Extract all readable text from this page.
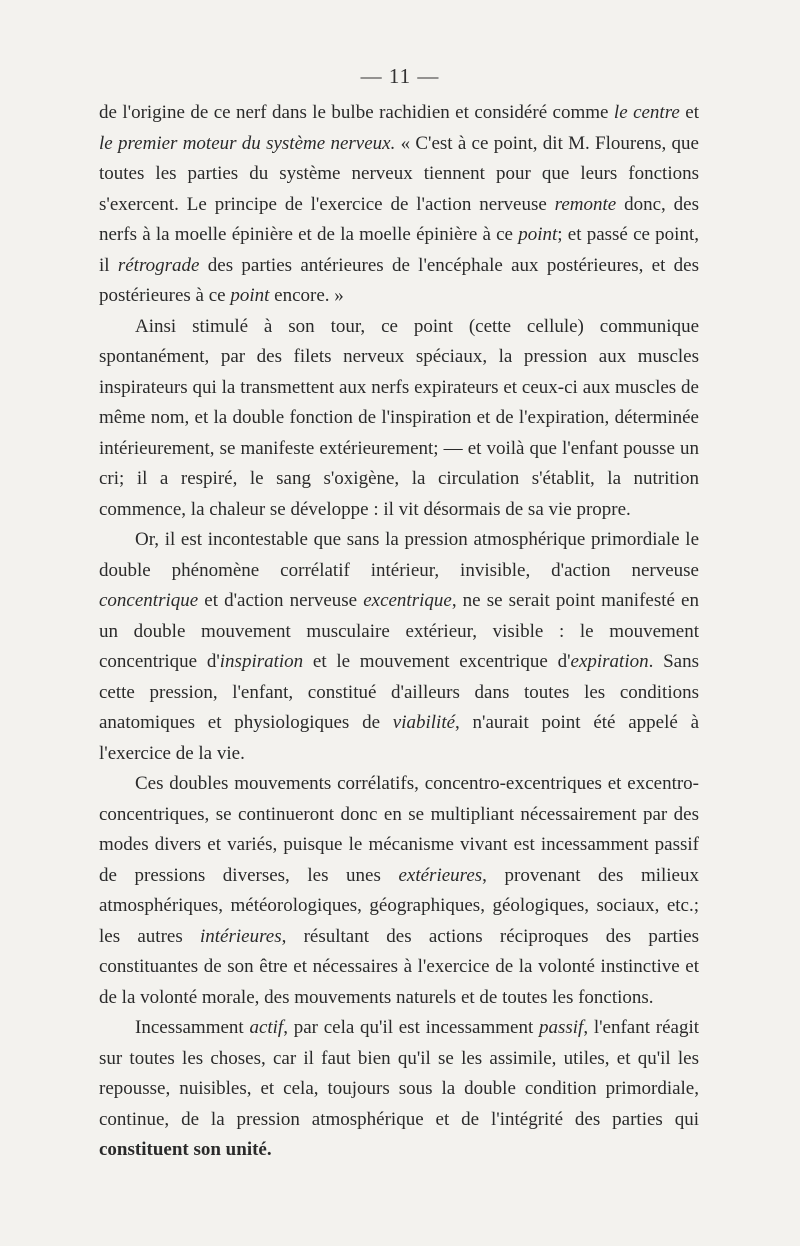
— 11 —

de l'origine de ce nerf dans le bulbe rachidien et considéré comme le centre et le premier moteur du système nerveux. « C'est à ce point, dit M. Flourens, que toutes les parties du système nerveux tiennent pour que leurs fonctions s'exercent. Le principe de l'exercice de l'action nerveuse remonte donc, des nerfs à la moelle épinière et de la moelle épinière à ce point; et passé ce point, il rétrograde des parties antérieures de l'encéphale aux postérieures, et des postérieures à ce point encore. »

Ainsi stimulé à son tour, ce point (cette cellule) communique spontanément, par des filets nerveux spéciaux, la pression aux muscles inspirateurs qui la transmettent aux nerfs expirateurs et ceux-ci aux muscles de même nom, et la double fonction de l'inspiration et de l'expiration, déterminée intérieurement, se manifeste extérieurement; — et voilà que l'enfant pousse un cri; il a respiré, le sang s'oxigène, la circulation s'établit, la nutrition commence, la chaleur se développe : il vit désormais de sa vie propre.

Or, il est incontestable que sans la pression atmosphérique primordiale le double phénomène corrélatif intérieur, invisible, d'action nerveuse concentrique et d'action nerveuse excentrique, ne se serait point manifesté en un double mouvement musculaire extérieur, visible : le mouvement concentrique d'inspiration et le mouvement excentrique d'expiration. Sans cette pression, l'enfant, constitué d'ailleurs dans toutes les conditions anatomiques et physiologiques de viabilité, n'aurait point été appelé à l'exercice de la vie.

Ces doubles mouvements corrélatifs, concentro-excentriques et excentro-concentriques, se continueront donc en se multipliant nécessairement par des modes divers et variés, puisque le mécanisme vivant est incessamment passif de pressions diverses, les unes extérieures, provenant des milieux atmosphériques, météorologiques, géographiques, géologiques, sociaux, etc.; les autres intérieures, résultant des actions réciproques des parties constituantes de son être et nécessaires à l'exercice de la volonté instinctive et de la volonté morale, des mouvements naturels et de toutes les fonctions.

Incessamment actif, par cela qu'il est incessamment passif, l'enfant réagit sur toutes les choses, car il faut bien qu'il se les assimile, utiles, et qu'il les repousse, nuisibles, et cela, toujours sous la double condition primordiale, continue, de la pression atmosphérique et de l'intégrité des parties qui constituent son unité.
